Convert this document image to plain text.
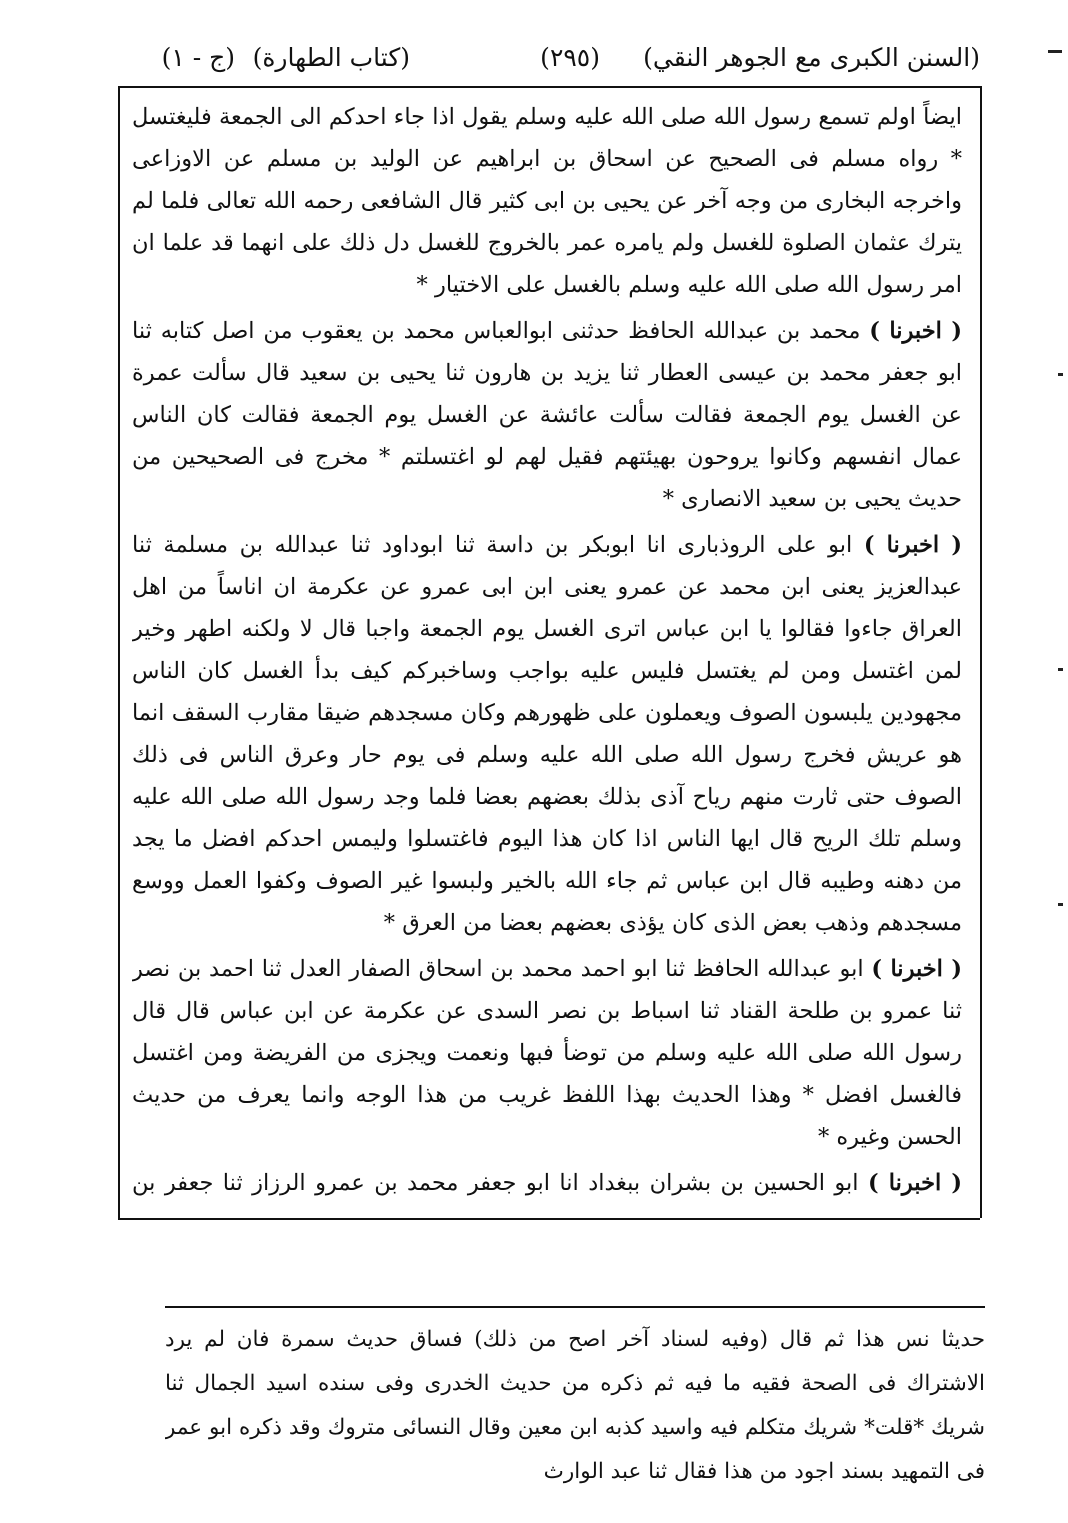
(السنن الكبرى مع الجوهر النقي)
(٢٩٥)
(كتاب الطهارة)
(ج - ١)

ايضاً اولم تسمع رسول الله صلى الله عليه وسلم يقول اذا جاء احدكم الى الجمعة فليغتسل * رواه مسلم فى الصحيح عن اسحاق بن ابراهيم عن الوليد بن مسلم عن الاوزاعى واخرجه البخارى من وجه آخر عن يحيى بن ابى كثير قال الشافعى رحمه الله تعالى فلما لم يترك عثمان الصلوة للغسل ولم يامره عمر بالخروج للغسل دل ذلك على انهما قد علما ان امر رسول الله صلى الله عليه وسلم بالغسل على الاختيار *

( اخبرنا ) محمد بن عبدالله الحافظ حدثنى ابوالعباس محمد بن يعقوب من اصل كتابه ثنا ابو جعفر محمد بن عيسى العطار ثنا يزيد بن هارون ثنا يحيى بن سعيد قال سألت عمرة عن الغسل يوم الجمعة فقالت سألت عائشة عن الغسل يوم الجمعة فقالت كان الناس عمال انفسهم وكانوا يروحون بهيئتهم فقيل لهم لو اغتسلتم * مخرج فى الصحيحين من حديث يحيى بن سعيد الانصارى *

( اخبرنا ) ابو على الروذبارى انا ابوبكر بن داسة ثنا ابوداود ثنا عبدالله بن مسلمة ثنا عبدالعزيز يعنى ابن محمد عن عمرو يعنى ابن ابى عمرو عن عكرمة ان اناساً من اهل العراق جاءوا فقالوا يا ابن عباس اترى الغسل يوم الجمعة واجبا قال لا ولكنه اطهر وخير لمن اغتسل ومن لم يغتسل فليس عليه بواجب وساخبركم كيف بدأ الغسل كان الناس مجهودين يلبسون الصوف ويعملون على ظهورهم وكان مسجدهم ضيقا مقارب السقف انما هو عريش فخرج رسول الله صلى الله عليه وسلم فى يوم حار وعرق الناس فى ذلك الصوف حتى ثارت منهم رياح آذى بذلك بعضهم بعضا فلما وجد رسول الله صلى الله عليه وسلم تلك الريح قال ايها الناس اذا كان هذا اليوم فاغتسلوا وليمس احدكم افضل ما يجد من دهنه وطيبه قال ابن عباس ثم جاء الله بالخير ولبسوا غير الصوف وكفوا العمل ووسع مسجدهم وذهب بعض الذى كان يؤذى بعضهم بعضا من العرق *

( اخبرنا ) ابو عبدالله الحافظ ثنا ابو احمد محمد بن اسحاق الصفار العدل ثنا احمد بن نصر ثنا عمرو بن طلحة القناد ثنا اسباط بن نصر السدى عن عكرمة عن ابن عباس قال قال رسول الله صلى الله عليه وسلم من توضأ فبها ونعمت ويجزى من الفريضة ومن اغتسل فالغسل افضل * وهذا الحديث بهذا اللفظ غريب من هذا الوجه وانما يعرف من حديث الحسن وغيره *

( اخبرنا ) ابو الحسين بن بشران ببغداد انا ابو جعفر محمد بن عمرو الرزاز ثنا جعفر بن

حديثا نس هذا ثم قال (وفيه لسناد آخر اصح من ذلك) فساق حديث سمرة فان لم يرد الاشتراك فى الصحة فقيه ما فيه ثم ذكره من حديث الخدرى وفى سنده اسيد الجمال ثنا شريك *قلت* شريك متكلم فيه واسيد كذبه ابن معين وقال النسائى متروك وقد ذكره ابو عمر فى التمهيد بسند اجود من هذا فقال ثنا عبد الوارث
